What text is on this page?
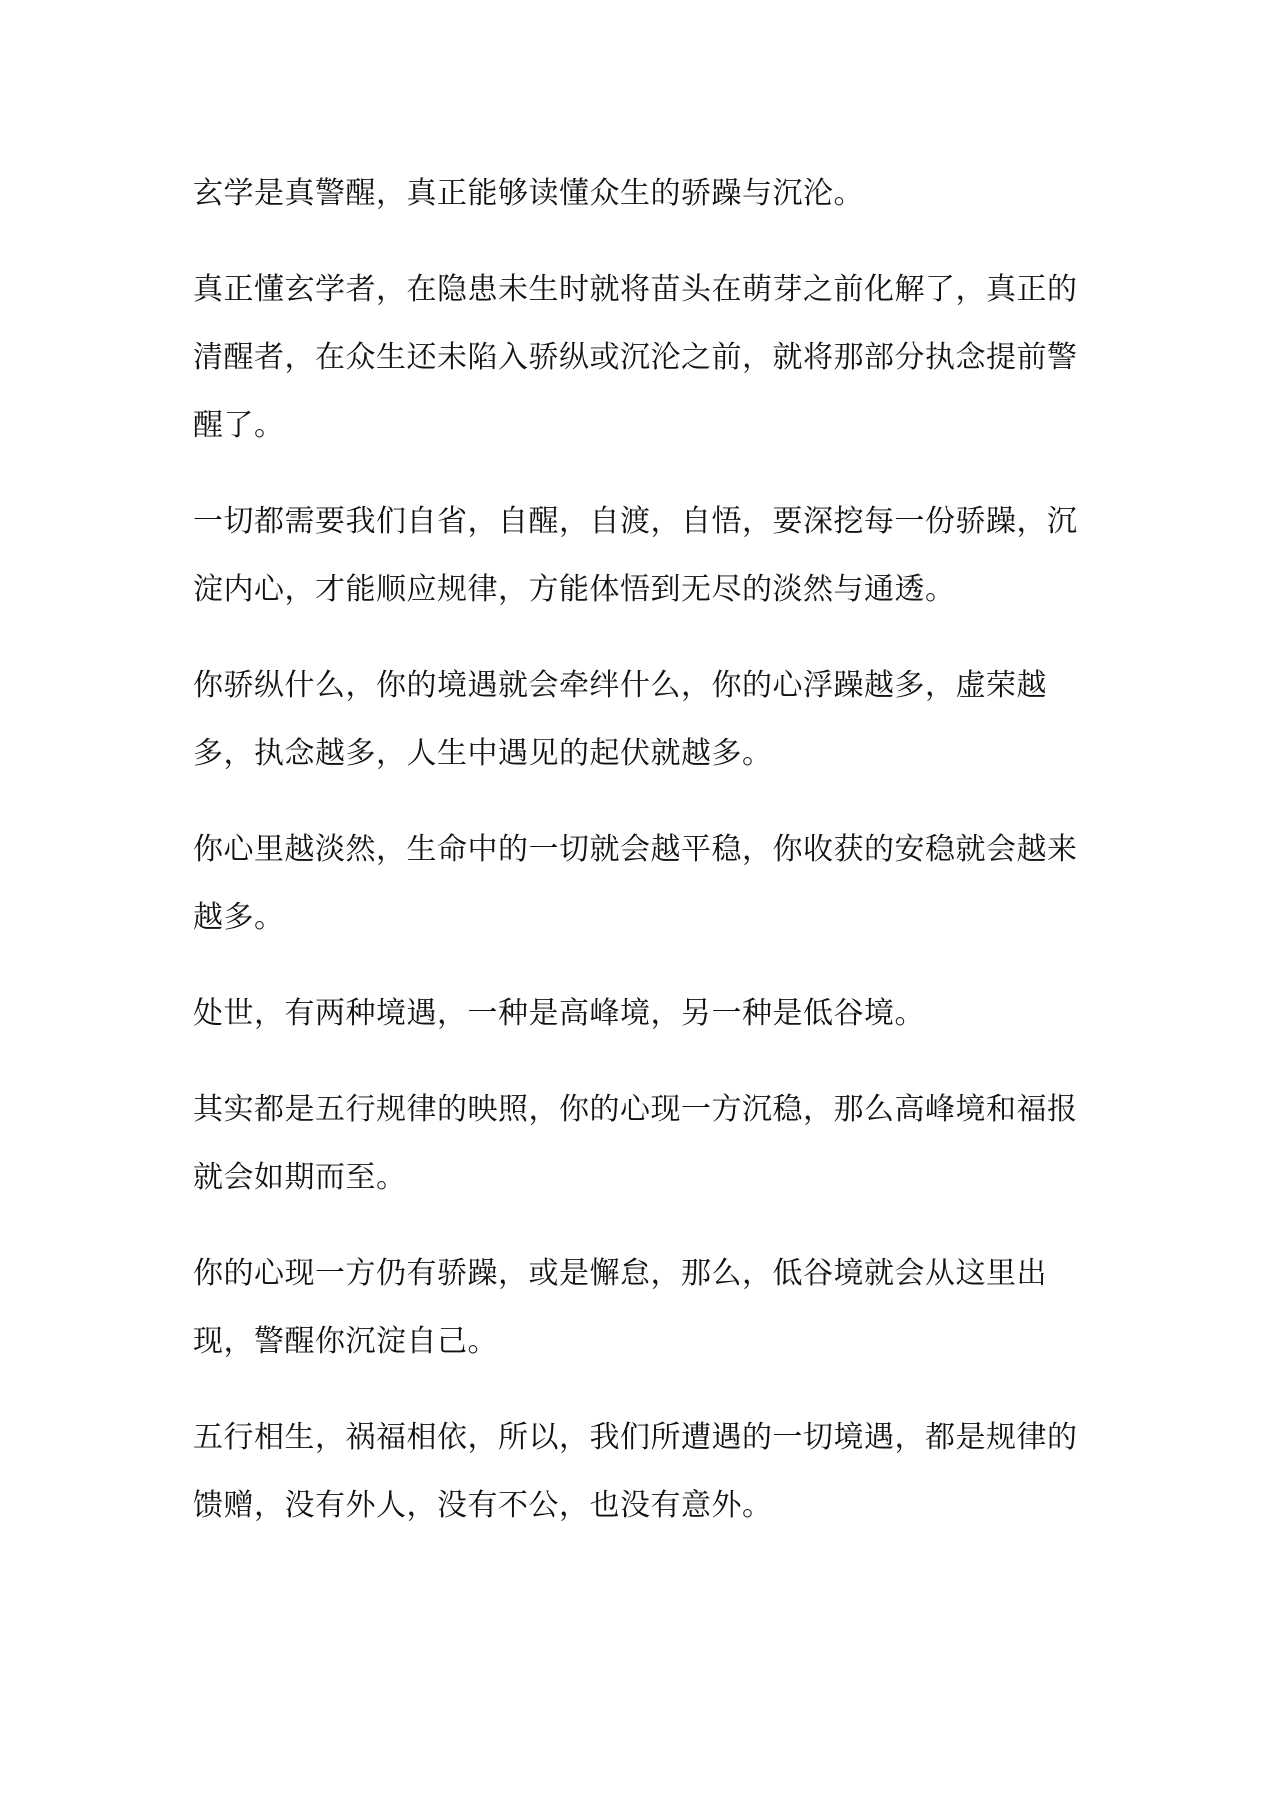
玄学是真警醒，真正能够读懂众生的骄躁与沉沦。

真正懂玄学者，在隐患未生时就将苗头在萌芽之前化解了，真正的清醒者，在众生还未陷入骄纵或沉沦之前，就将那部分执念提前警醒了。

一切都需要我们自省，自醒，自渡，自悟，要深挖每一份骄躁，沉淀内心，才能顺应规律，方能体悟到无尽的淡然与通透。

你骄纵什么，你的境遇就会牵绊什么，你的心浮躁越多，虚荣越多，执念越多，人生中遇见的起伏就越多。

你心里越淡然，生命中的一切就会越平稳，你收获的安稳就会越来越多。

处世，有两种境遇，一种是高峰境，另一种是低谷境。

其实都是五行规律的映照，你的心现一方沉稳，那么高峰境和福报就会如期而至。

你的心现一方仍有骄躁，或是懈怠，那么，低谷境就会从这里出现，警醒你沉淀自己。

五行相生，祸福相依，所以，我们所遭遇的一切境遇，都是规律的馈赠，没有外人，没有不公，也没有意外。
